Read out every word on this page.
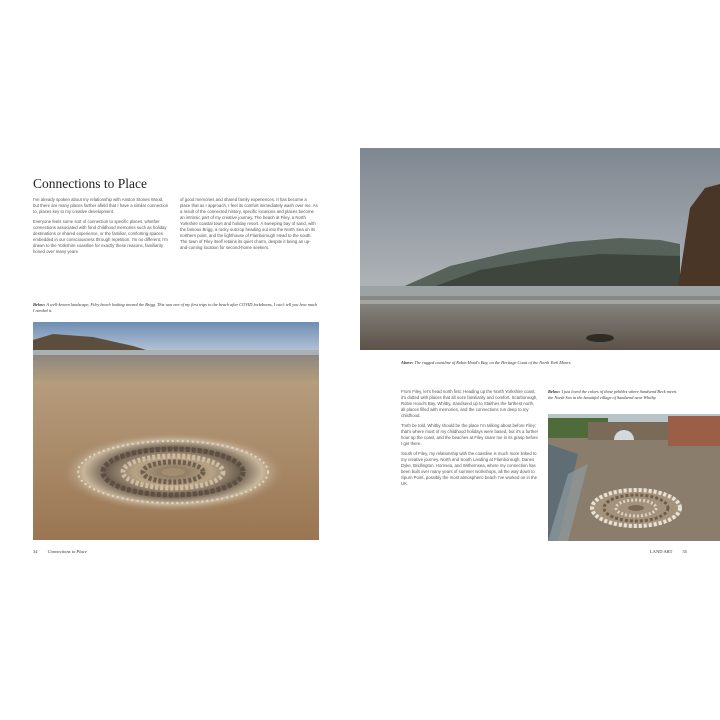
Connections to Place

I've already spoken about my relationship with Anston Stones Wood, but there are many places farther afield that I have a similar connection to, places key to my creative development.

Everyone feels some sort of connection to specific places, whether connections associated with fond childhood memories such as holiday destinations or shared experience, or the familiar, comforting spaces embedded in our consciousness through repetition. I'm no different; I'm drawn to the Yorkshire coastline for exactly these reasons, familiarity honed over many years

of good memories and shared family experiences. It has become a place that as I approach, I feel its comfort immediately wash over me. As a result of the connected history, specific locations and places become an intrinsic part of my creative journey. The beach at Filey, a North Yorkshire coastal town and holiday resort. A sweeping bay of sand, with the famous Brigg, a rocky outcrop heading out into the North Sea on its northern point, and the lighthouse of Flamborough Head to the south. The town of Filey itself retains its quiet charm, despite it being an up-and-coming location for second-home seekers.

Below: A well-known landscape, Filey beach looking toward the Brigg. This was one of my first trips to the beach after COVID lockdowns, I can't tell you how much I needed it.
34 Connections to Place
Above: The rugged coastline of Robin Hood's Bay, on the Heritage Coast of the North York Moors.

From Filey, let's head north first. Heading up the North Yorkshire coast, it's dotted with places that all ooze familiarity and comfort. Scarborough, Robin Hood's Bay, Whitby, Sandsend up to Staithes the farthest north, all places filled with memories, and the connections run deep to my childhood.

Truth be told, Whitby should be the place I'm talking about before Filey; that's where most of my childhood holidays were based, but it's a further hour up the coast, and the beaches at Filey snare me in its grasp before I get there.

South of Filey, my relationship with the coastline is much more linked to my creative journey. North and South Landing at Flamborough, Danes Dyke, Bridlington, Hornsea, and Withernsea, where my connection has been built over many years of summer workshops, all the way down to Spurn Point, possibly the most atmospheric beach I've worked on in the UK.

Below: I just loved the colors of these pebbles where Sandsend Beck meets the North Sea in the beautiful village of Sandsend near Whitby.
LAND ART 35
